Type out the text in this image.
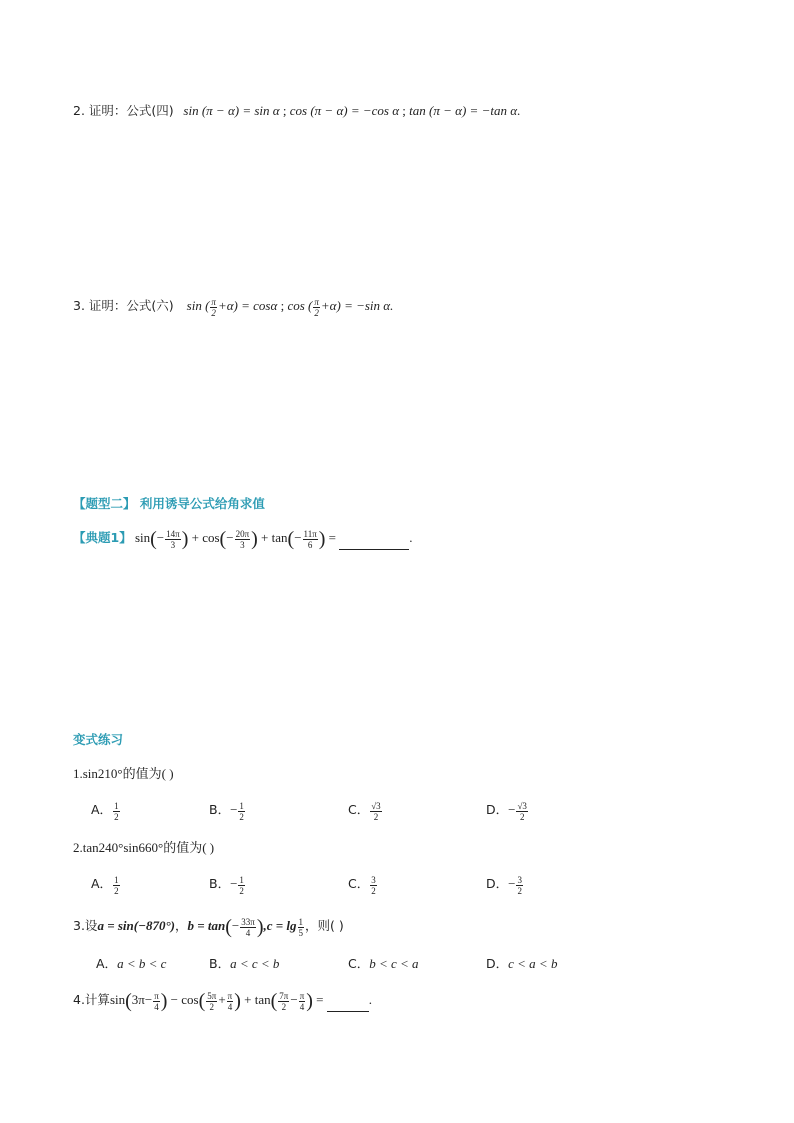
2. 证明：公式(四) sin (π − α) = sin α ; cos (π − α) = −cos α ; tan (π − α) = −tan α.
3. 证明：公式(六) sin ( $\frac{\pi}{2} +\alpha) = \cos\alpha$ ; cos ( $\frac{\pi}{2} +\alpha) = -\sin$ α.
【题型二】 利用诱导公式给角求值
【典题1】 $\sin(- \frac{14\pi}{3}$ ) + $\cos(- \frac{20\pi}{3}$ ) + $\tan(- \frac{11\pi}{6}$ ) =	.
变式练习
1.sin210°的值为( )
A． $\frac{1}{2}$	B．− $\frac{1}{2}$	C． $\frac{√3}{2}$	D．− $\frac{√3}{2}$
2.tan240°sin660°的值为( )
A． $\frac{1}{2}$	B．− $\frac{1}{2}$	C． $\frac{3}{2}$	D．− $\frac{3}{2}$
3.设a = sin(−870°)，$b = \tan(- \frac{33\pi}{4} ),c = \lg \frac{1}{5}$ ，则( )
A．a < b < c	B．a < c < b	C．b < c < a	D．c < a < b
4.计算$\sin(3\pi- \frac{\pi}{4}$ ) − $\cos( \frac{5\pi}{2} + \frac{\pi}{4}$ ) + $\tan( \frac{7\pi}{2} - \frac{\pi}{4}$ ) =	.
